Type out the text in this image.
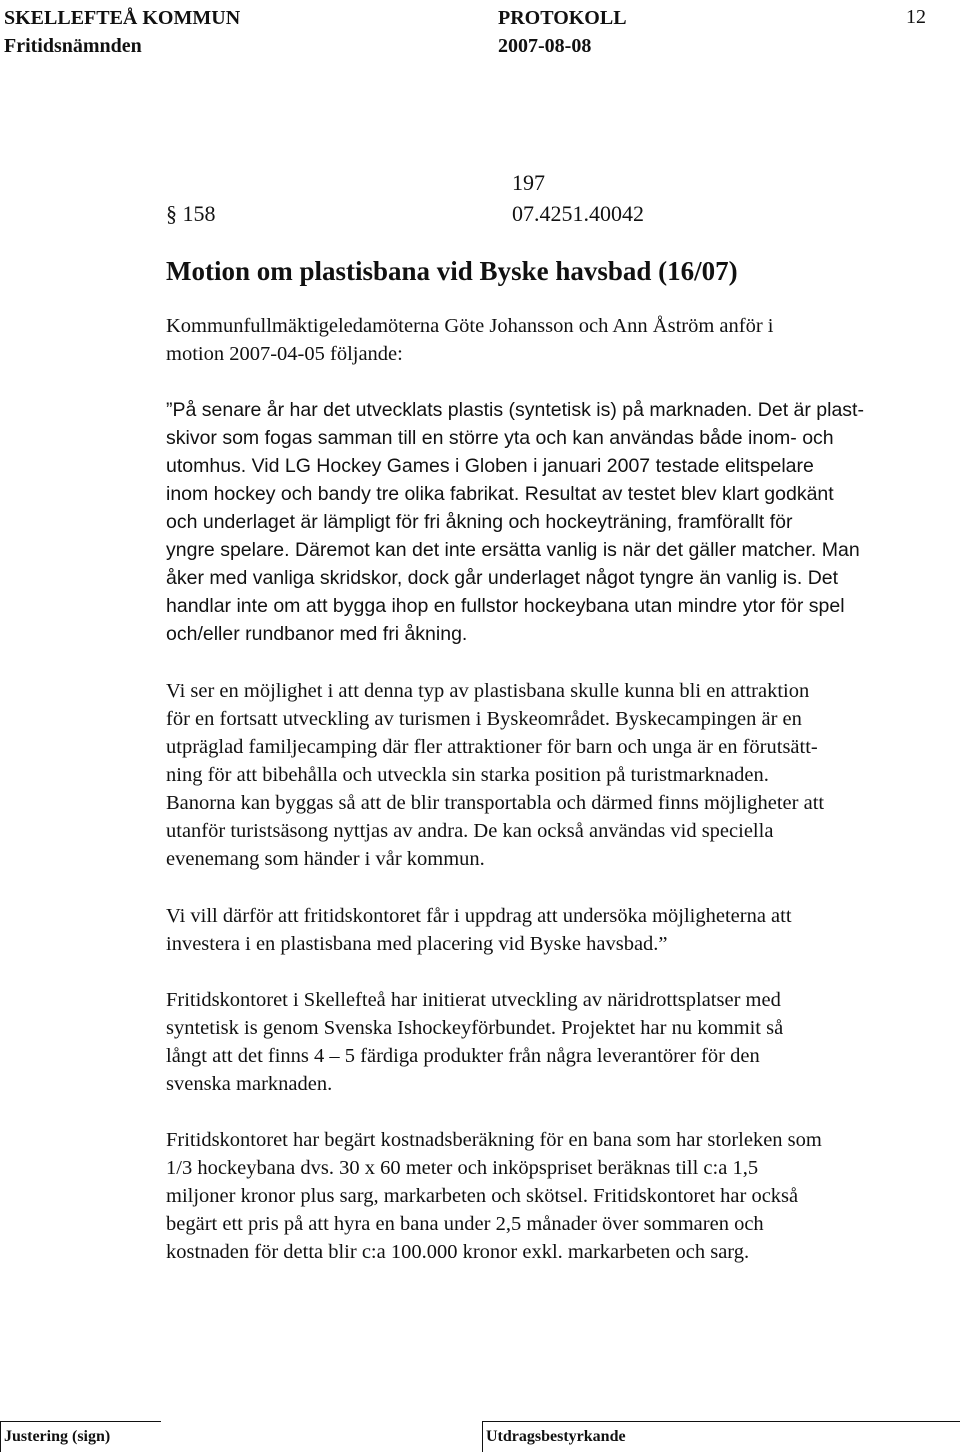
SKELLEFTEÅ KOMMUN	PROTOKOLL	12
Fritidsnämnden	2007-08-08
197
§ 158	07.4251.40042
Motion om plastisbana vid Byske havsbad (16/07)

Kommunfullmäktigeledamöterna Göte Johansson och Ann Åström anför i
motion 2007-04-05 följande:

”På senare år har det utvecklats plastis (syntetisk is) på marknaden. Det är plast-
skivor som fogas samman till en större yta och kan användas både inom- och
utomhus. Vid LG Hockey Games i Globen i januari 2007 testade elitspelare
inom hockey och bandy tre olika fabrikat. Resultat av testet blev klart godkänt
och underlaget är lämpligt för fri åkning och hockeyträning, framförallt för
yngre spelare. Däremot kan det inte ersätta vanlig is när det gäller matcher. Man
åker med vanliga skridskor, dock går underlaget något tyngre än vanlig is. Det
handlar inte om att bygga ihop en fullstor hockeybana utan mindre ytor för spel
och/eller rundbanor med fri åkning.

Vi ser en möjlighet i att denna typ av plastisbana skulle kunna bli en attraktion
för en fortsatt utveckling av turismen i Byskeområdet. Byskecampingen är en
utpräglad familjecamping där fler attraktioner för barn och unga är en förutsätt-
ning för att bibehålla och utveckla sin starka position på turistmarknaden.
Banorna kan byggas så att de blir transportabla och därmed finns möjligheter att
utanför turistsäsong nyttjas av andra. De kan också användas vid speciella
evenemang som händer i vår kommun.

Vi vill därför att fritidskontoret får i uppdrag att undersöka möjligheterna att
investera i en plastisbana med placering vid Byske havsbad.”

Fritidskontoret i Skellefteå har initierat utveckling av näridrottsplatser med
syntetisk is genom Svenska Ishockeyförbundet. Projektet har nu kommit så
långt att det finns 4 – 5 färdiga produkter från några leverantörer för den
svenska marknaden.

Fritidskontoret har begärt kostnadsberäkning för en bana som har storleken som
1/3 hockeybana dvs. 30 x 60 meter och inköpspriset beräknas till c:a 1,5
miljoner kronor plus sarg, markarbeten och skötsel. Fritidskontoret har också
begärt ett pris på att hyra en bana under 2,5 månader över sommaren och
kostnaden för detta blir c:a 100.000 kronor exkl. markarbeten och sarg.

Justering (sign)	Utdragsbestyrkande
